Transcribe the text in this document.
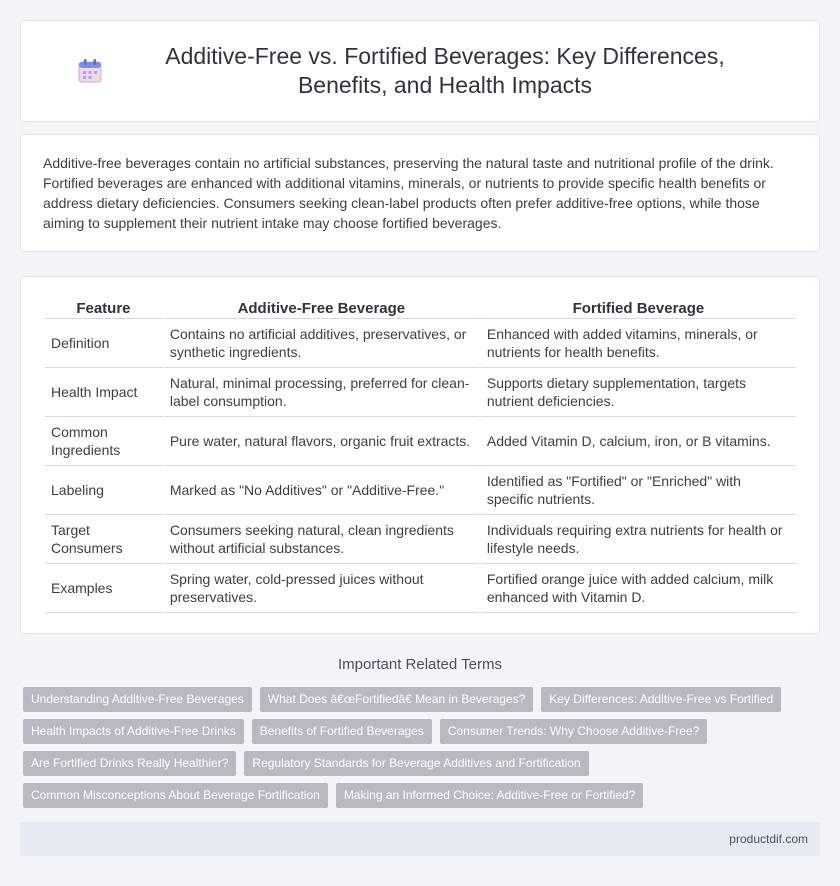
Additive-Free vs. Fortified Beverages: Key Differences, Benefits, and Health Impacts

Additive-free beverages contain no artificial substances, preserving the natural taste and nutritional profile of the drink. Fortified beverages are enhanced with additional vitamins, minerals, or nutrients to provide specific health benefits or address dietary deficiencies. Consumers seeking clean-label products often prefer additive-free options, while those aiming to supplement their nutrient intake may choose fortified beverages.

Feature	Additive-Free Beverage	Fortified Beverage
Definition	Contains no artificial additives, preservatives, or synthetic ingredients.	Enhanced with added vitamins, minerals, or nutrients for health benefits.
Health Impact	Natural, minimal processing, preferred for clean-label consumption.	Supports dietary supplementation, targets nutrient deficiencies.
Common Ingredients	Pure water, natural flavors, organic fruit extracts.	Added Vitamin D, calcium, iron, or B vitamins.
Labeling	Marked as "No Additives" or "Additive-Free."	Identified as "Fortified" or "Enriched" with specific nutrients.
Target Consumers	Consumers seeking natural, clean ingredients without artificial substances.	Individuals requiring extra nutrients for health or lifestyle needs.
Examples	Spring water, cold-pressed juices without preservatives.	Fortified orange juice with added calcium, milk enhanced with Vitamin D.
Important Related Terms
Understanding Additive-Free Beverages	What Does â€œFortifiedâ€ Mean in Beverages?	Key Differences: Additive-Free vs Fortified
Health Impacts of Additive-Free Drinks	Benefits of Fortified Beverages	Consumer Trends: Why Choose Additive-Free?
Are Fortified Drinks Really Healthier?	Regulatory Standards for Beverage Additives and Fortification
Common Misconceptions About Beverage Fortification	Making an Informed Choice: Additive-Free or Fortified?
productdif.com
